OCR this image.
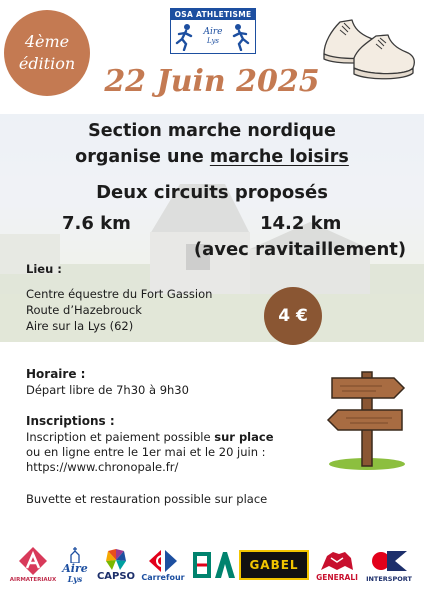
4ème
édition
OSA ATHLETISME
Aire
Lys
22 Juin 2025
Section marche nordique
organise une marche loisirs
Deux circuits proposés
7.6 km	14.2 km
(avec ravitaillement)
Lieu :
Centre équestre du Fort Gassion
Route d’Hazebrouck
Aire sur la Lys (62)	4 €
Horaire :
Départ libre de 7h30 à 9h30
Inscriptions :
Inscription et paiement possible sur place
ou en ligne entre le 1er mai et le 20 juin :
https://www.chronopale.fr/
Buvette et restauration possible sur place
AIRMATERIAUX
Aire
Lys CAPSO Carrefour
GABEL
GENERALI INTERSPORT
